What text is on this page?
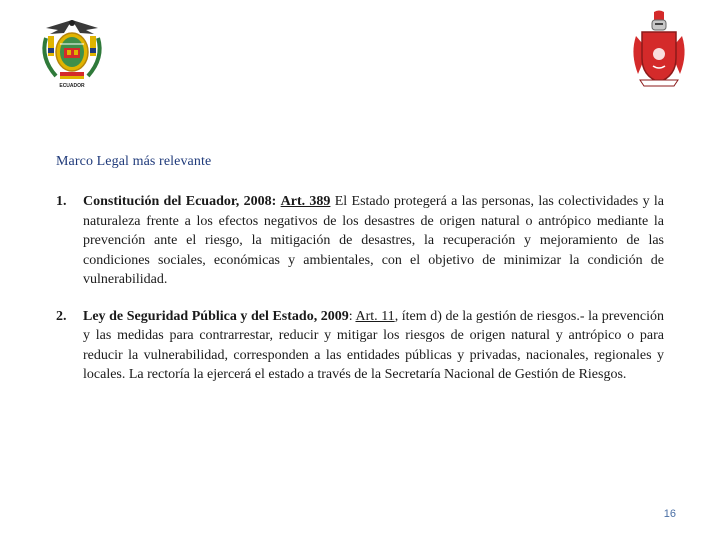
ECUADOR
Marco Legal más relevante
1.	Constitución del Ecuador, 2008: Art. 389 El Estado protegerá a las personas, las colectividades y la naturaleza frente a los efectos negativos de los desastres de origen natural o antrópico mediante la prevención ante el riesgo, la mitigación de desastres, la recuperación y mejoramiento de las condiciones sociales, económicas y ambientales, con el objetivo de minimizar la condición de vulnerabilidad.
2.	Ley de Seguridad Pública y del Estado, 2009: Art. 11, ítem d) de la gestión de riesgos.- la prevención y las medidas para contrarrestar, reducir y mitigar los riesgos de origen natural y antrópico o para reducir la vulnerabilidad, corresponden a las entidades públicas y privadas, nacionales, regionales y locales. La rectoría la ejercerá el estado a través de la Secretaría Nacional de Gestión de Riesgos.
16
